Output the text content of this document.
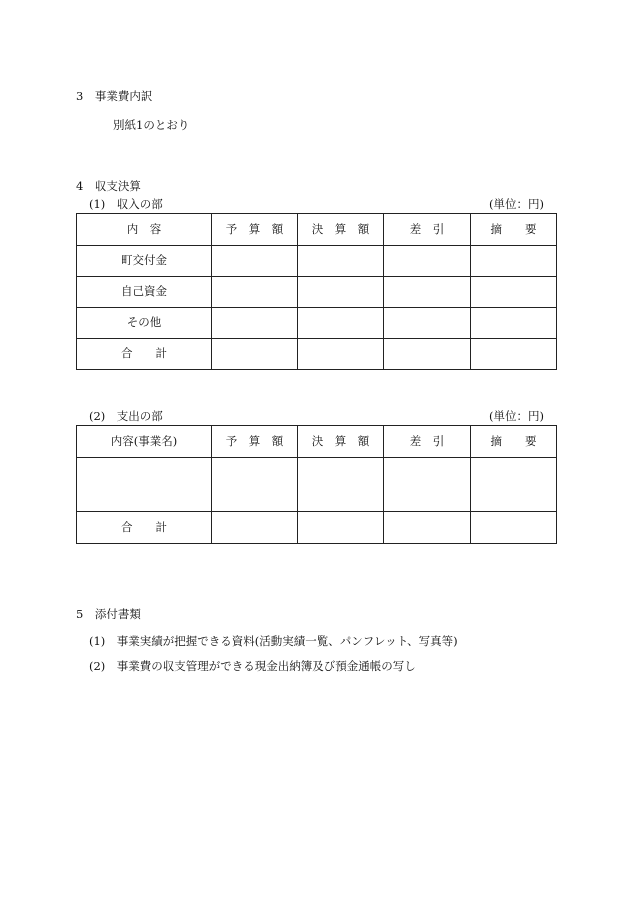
3　事業費内訳
別紙1のとおり
4　収支決算
(1)　収入の部	(単位：円)
内　容	予　算　額	決　算　額	差　引	摘　　要
町交付金				
自己資金				
その他				
合　　計				
(2)　支出の部	(単位：円)
内容(事業名)	予　算　額	決　算　額	差　引	摘　　要

合　　計				
5　添付書類
(1)　事業実績が把握できる資料(活動実績一覧、パンフレット、写真等)
(2)　事業費の収支管理ができる現金出納簿及び預金通帳の写し
